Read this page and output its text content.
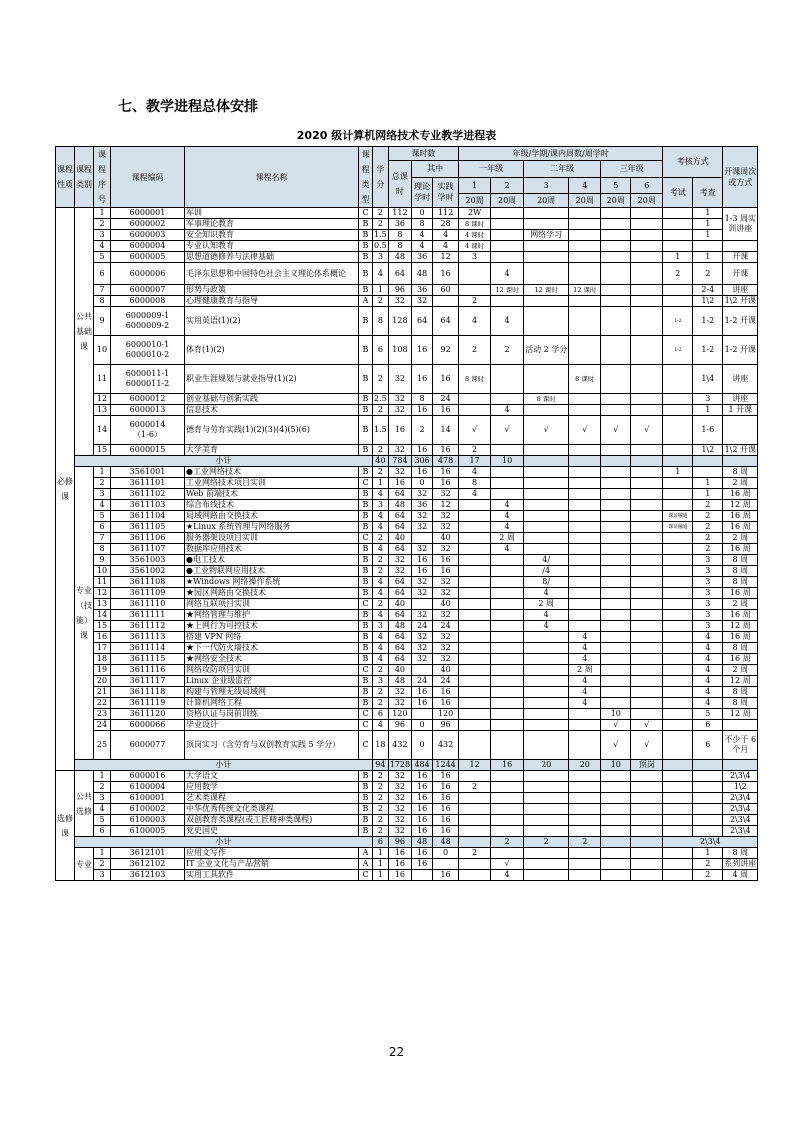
七、教学进程总体安排
2020 级计算机网络技术专业教学进程表
课程性质	课程类别	课程序号	课程编码	课程名称	课程类型	学分	课时数			年级/学期/课内周数/周学时						考核方式		开课周次或方式
							总课时	其中		一年级		二年级		三年级				
								理论学时	实践学时	1	2	3	4	5	6	考试	考查	
										20周	20周	20周	20周	20周	20周			
必修课	公共基础课	1	6000001	军训	C	2	112	0	112	2W							1	1-3 周实训讲座
		2	6000002	军事理论教育	B	2	36	8	28	8 课时							1	
		3	6000003	安全知识教育	B	1.5	8	4	4	4 课时		网络学习					1	
		4	6000004	专业认知教育	B	0.5	8	4	4	4 课时								
		5	6000005	思想道德修养与法律基础	B	3	48	36	12	3						1	1	开课
		6	6000006	毛泽东思想和中国特色社会主义理论体系概论	B	4	64	48	16		4					2	2	开课
		7	6000007	形势与政策	B	1	96	36	60		12 课时	12 课时	12 课时				2-4	讲座
		8	6000008	心理健康教育与指导	A	2	32	32		2							1\2	1\2 开课
		9	6000009-1
6000009-2	实用英语(1)(2)	B	8	128	64	64	4	4					1-2	1-2	1-2 开课
		10	6000010-1
6000010-2	体育(1)(2)	B	6	108	16	92	2	2	活动 2 学分				1-2	1-2	1-2 开课
		11	6000011-1
6000011-2	职业生涯规划与就业指导(1)(2)	B	2	32	16	16	8 课时			8 课时				1\4	讲座
		12	6000012	创业基础与创新实践	B	2.5	32	8	24			8 课时					3	讲座
		13	6000013	信息技术	B	2	32	16	16		4						1	1 开课
		14	6000014
（1-6）	德育与劳育实践(1)(2)(3)(4)(5)(6)	B	1.5	16	2	14	√	√	√	√	√	√		1-6	
		15	6000015	大学美育	B	2	32	16	16	2							1\2	1\2 开课
	小计					40	784	306	478	17	10							
	专业（技能）课	1	3561001	●工业网络技术	B	2	32	16	16	4						1		8 周
		2	3611101	工业网络技术项目实训	C	1	16	0	16	8							1	2 周
		3	3611102	Web 前端技术	B	4	64	32	32	4							1	16 周
		4	3611103	综合布线技术	B	3	48	36	12		4						2	12 周
		5	3611104	局域网路由交换技术	B	4	64	32	32		4					课证融通	2	16 周
		6	3611105	★Linux 系统管理与网络服务	B	4	64	32	32		4					课证融通	2	16 周
		7	3611106	服务器架设项目实训	C	2	40		40		2 周						2	2 周
		8	3611107	数据库应用技术	B	4	64	32	32		4						2	16 周
		9	3561003	●电工技术	B	2	32	16	16			4/					3	8 周
		10	3561002	●工业物联网应用技术	B	2	32	16	16			/4					3	8 周
		11	3611108	★Windows 网络操作系统	B	4	64	32	32			8/					3	8 周
		12	3611109	★园区网路由交换技术	B	4	64	32	32			4					3	16 周
		13	3611110	网络互联项目实训	C	2	40		40			2 周					3	2 周
		14	3611111	★网络管理与维护	B	4	64	32	32			4					3	16 周
		15	3611112	★上网行为可控技术	B	3	48	24	24			4					3	12 周
		16	3611113	搭建 VPN 网络	B	4	64	32	32				4				4	16 周
		17	3611114	★下一代防火墙技术	B	4	64	32	32				4				4	8 周
		18	3611115	★网络安全技术	B	4	64	32	32				4				4	16 周
		19	3611116	网络攻防项目实训	C	2	40		40				2 周				4	2 周
		20	3611117	Linux 企业级监控	B	3	48	24	24				4				4	12 周
		21	3611118	构建与管理无线局域网	B	2	32	16	16				4				4	8 周
		22	3611119	计算机网络工程	B	2	32	16	16				4				4	8 周
		23	3611120	资格认证与岗前训练	C	6	120		120					10			5	12 周
		24	6000066	毕业设计	C	4	96	0	96					√	√		6	
		25	6000077	顶岗实习（含劳育与双创教育实践 5 学分）	C	18	432	0	432					√	√		6	不少于 6 个月
	小计					94	1728	484	1244	12	16	20	20	10	顶岗			
选修课	公共选修	1	6000016	大学语文	B	2	32	16	16									2\3\4
		2	6100004	应用数学	B	2	32	16	16	2								1\2
		3	6100001	艺术类课程	B	2	32	16	16									2\3\4
		4	6100002	中华优秀传统文化类课程	B	2	32	16	16									2\3\4
		5	6100003	双创教育类课程(或工匠精神类课程)	B	2	32	16	16									2\3\4
		6	6100005	党史国史	B	2	32	16	16									2\3\4
	小计					6	96	48	48		2	2	2			2\3\4		
	专业	1	3612101	应用文写作	A	1	16	16	0	2							1	8 周
		2	3612102	IT 企业文化与产品营销	A	1	16	16			√						2	系列讲座
		3	3612103	实用工具软件	C	1	16		16		4						2	4 周
22
